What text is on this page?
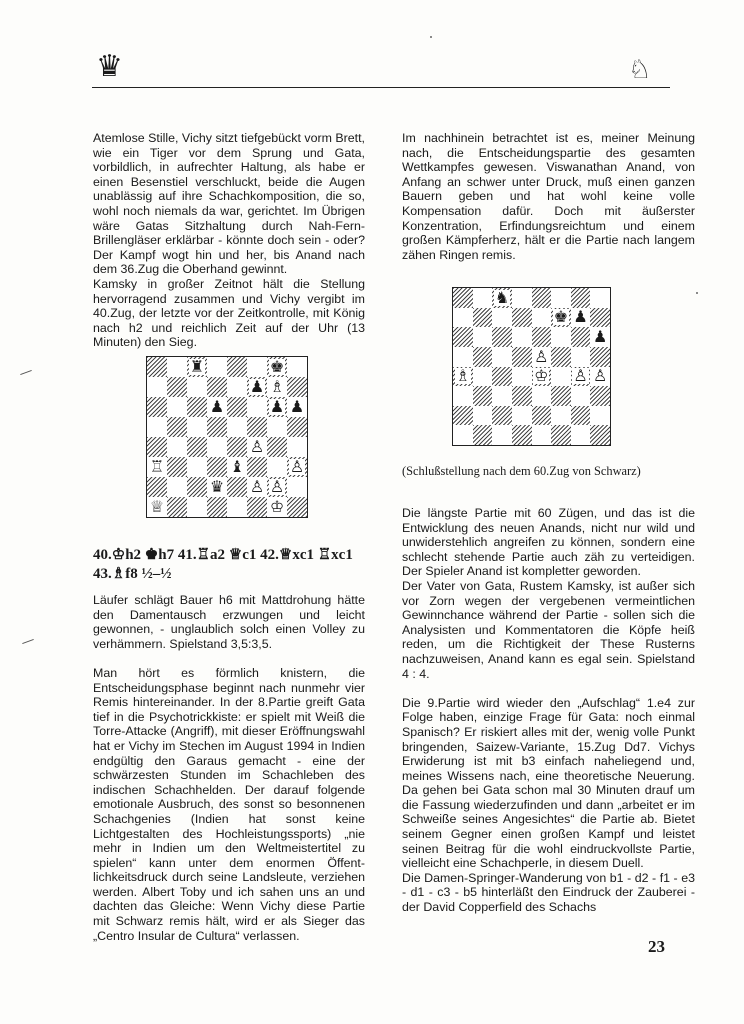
♛	♘

Atemlose Stille, Vichy sitzt tiefgebückt vorm Brett, wie ein Tiger vor dem Sprung und Gata, vorbildlich, in aufrechter Haltung, als habe er einen Besenstiel verschluckt, beide die Augen unablässig auf ihre Schachkomposition, die so, wohl noch niemals da war, gerichtet. Im Übrigen wäre Gatas Sitzhaltung durch Nah-Fern-Brillengläser erklärbar - könnte doch sein - oder? Der Kampf wogt hin und her, bis Anand nach dem 36.Zug die Oberhand gewinnt.

Kamsky in großer Zeitnot hält die Stellung hervorragend zusammen und Vichy vergibt im 40.Zug, der letzte vor der Zeitkontrolle, mit König nach h2 und reichlich Zeit auf der Uhr (13 Minuten) den Sieg.

♜	♚
♟ ♗
♟	♟ ♟
♙
♖	♝	♙
♛ ♙ ♙
♕	♔
40.♔h2 ♚h7 41.♖a2 ♕c1 42.♕xc1 ♖xc1 43.♗f8 ½–½

Läufer schlägt Bauer h6 mit Mattdrohung hätte den Damentausch erzwungen und leicht gewonnen, - unglaublich solch einen Volley zu verhämmern. Spielstand 3,5:3,5.

Man hört es förmlich knistern, die Entscheidungsphase beginnt nach nunmehr vier Remis hintereinander. In der 8.Partie greift Gata tief in die Psychotrickkiste: er spielt mit Weiß die Torre-Attacke (Angriff), mit dieser Eröffnungswahl hat er Vichy im Stechen im August 1994 in Indien endgültig den Garaus gemacht - eine der schwärzesten Stunden im Schachleben des indischen Schachhelden. Der darauf folgende emotionale Ausbruch, des sonst so besonnenen Schachgenies (Indien hat sonst keine Lichtgestalten des Hochleistungssports) „nie mehr in Indien um den Weltmeistertitel zu spielen“ kann unter dem enormen Öffent-lichkeitsdruck durch seine Landsleute, verziehen werden. Albert Toby und ich sahen uns an und dachten das Gleiche: Wenn Vichy diese Partie mit Schwarz remis hält, wird er als Sieger das „Centro Insular de Cultura“ verlassen.

Im nachhinein betrachtet ist es, meiner Meinung nach, die Entscheidungspartie des gesamten Wettkampfes gewesen. Viswanathan Anand, von Anfang an schwer unter Druck, muß einen ganzen Bauern geben und hat wohl keine volle Kompensation dafür. Doch mit äußerster Konzentration, Erfindungsreichtum und einem großen Kämpferherz, hält er die Partie nach langem zähen Ringen remis.

♞
♚ ♟
♟
♙
♗	♔ ♙ ♙
(Schlußstellung nach dem 60.Zug von Schwarz)

Die längste Partie mit 60 Zügen, und das ist die Entwicklung des neuen Anands, nicht nur wild und unwiderstehlich angreifen zu können, sondern eine schlecht stehende Partie auch zäh zu verteidigen. Der Spieler Anand ist kompletter geworden.

Der Vater von Gata, Rustem Kamsky, ist außer sich vor Zorn wegen der vergebenen vermeintlichen Gewinnchance während der Partie - sollen sich die Analysisten und Kommentatoren die Köpfe heiß reden, um die Richtigkeit der These Rusterns nachzuweisen, Anand kann es egal sein. Spielstand 4 : 4.

Die 9.Partie wird wieder den „Aufschlag“ 1.e4 zur Folge haben, einzige Frage für Gata: noch einmal Spanisch? Er riskiert alles mit der, wenig volle Punkt bringenden, Saizew-Variante, 15.Zug Dd7. Vichys Erwiderung ist mit b3 einfach naheliegend und, meines Wissens nach, eine theoretische Neuerung. Da gehen bei Gata schon mal 30 Minuten drauf um die Fassung wiederzufinden und dann „arbeitet er im Schweiße seines Angesichtes“ die Partie ab. Bietet seinem Gegner einen großen Kampf und leistet seinen Beitrag für die wohl eindruckvollste Partie, vielleicht eine Schachperle, in diesem Duell.

Die Damen-Springer-Wanderung von b1 - d2 - f1 - e3 - d1 - c3 - b5 hinterläßt den Eindruck der Zauberei - der David Copperfield des Schachs

23
